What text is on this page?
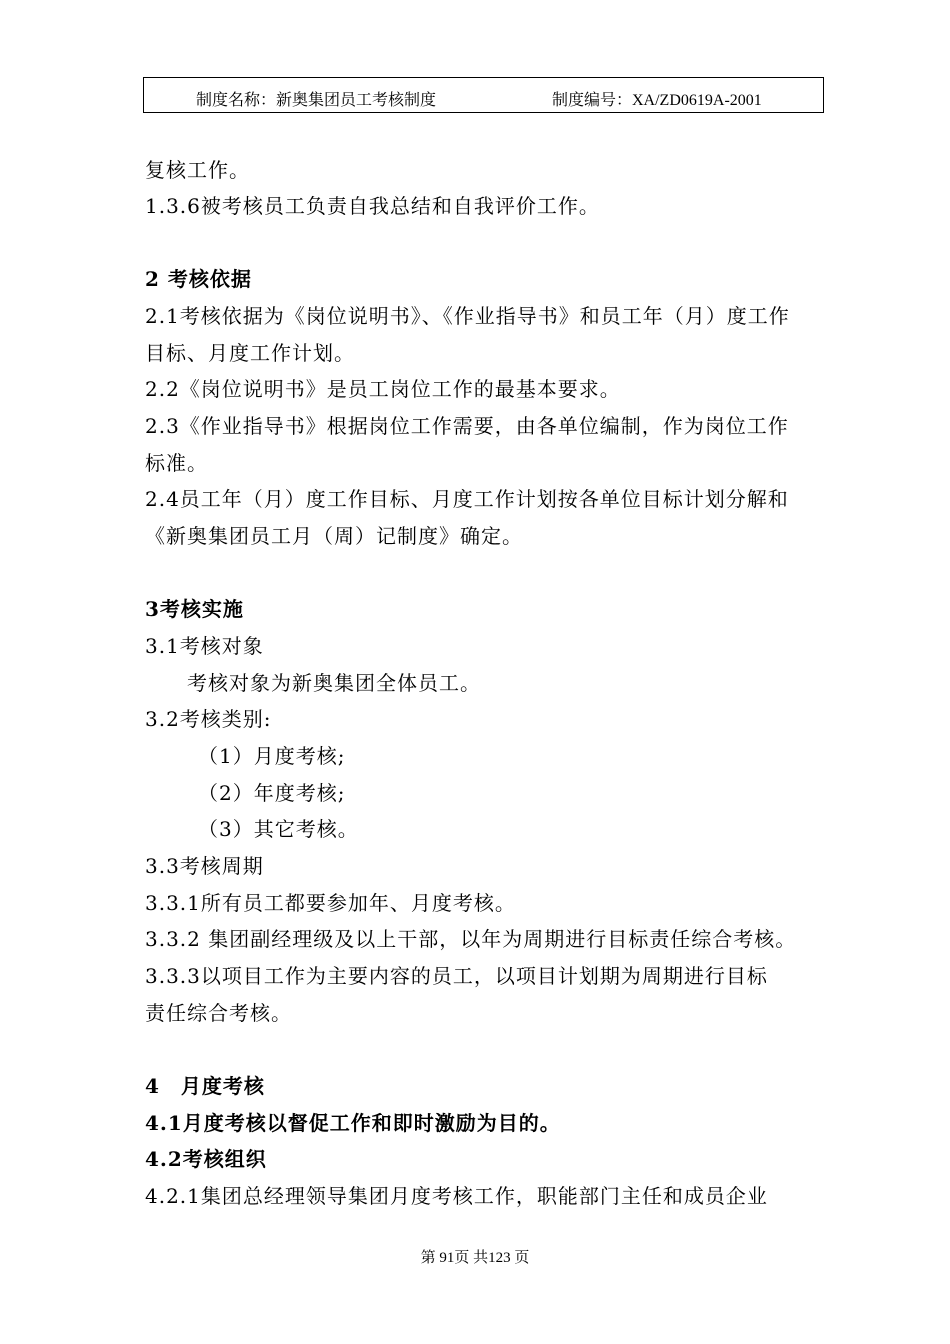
制度名称：新奥集团员工考核制度	制度编号：XA/ZD0619A-2001
复核工作。
1.3.6被考核员工负责自我总结和自我评价工作。
2 考核依据
2.1考核依据为《岗位说明书》、《作业指导书》和员工年（月）度工作
目标、月度工作计划。
2.2《岗位说明书》是员工岗位工作的最基本要求。
2.3《作业指导书》根据岗位工作需要，由各单位编制，作为岗位工作
标准。
2.4员工年（月）度工作目标、月度工作计划按各单位目标计划分解和
《新奥集团员工月（周）记制度》确定。
3考核实施
3.1考核对象
考核对象为新奥集团全体员工。
3.2考核类别:
（1）月度考核;
（2）年度考核;
（3）其它考核。
3.3考核周期
3.3.1所有员工都要参加年、月度考核。
3.3.2 集团副经理级及以上干部，以年为周期进行目标责任综合考核。
3.3.3以项目工作为主要内容的员工，以项目计划期为周期进行目标
责任综合考核。
4　月度考核
4.1月度考核以督促工作和即时激励为目的。
4.2考核组织
4.2.1集团总经理领导集团月度考核工作，职能部门主任和成员企业
第 91页 共123 页
